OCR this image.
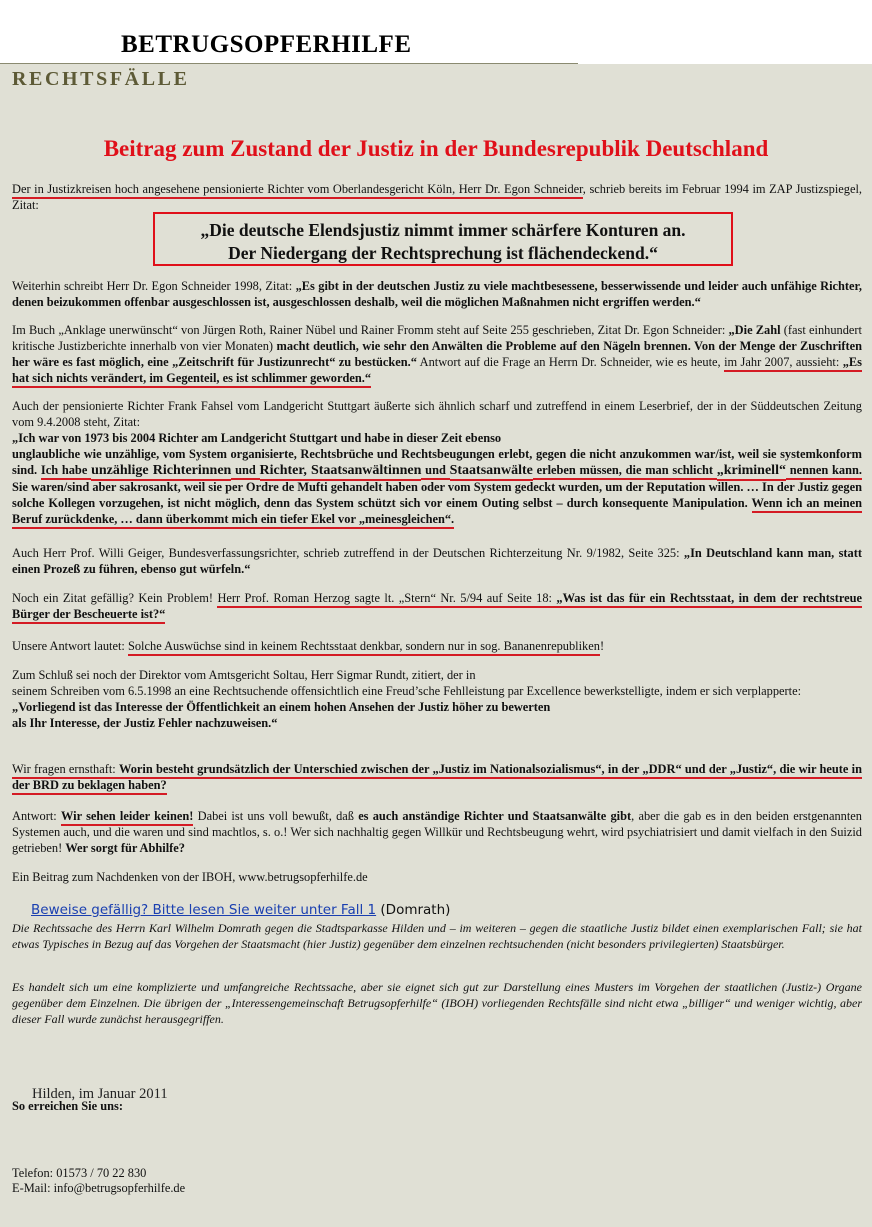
BETRUGSOPFERHILFE
RECHTSFÄLLE
Beitrag zum Zustand der Justiz in der Bundesrepublik Deutschland
Der in Justizkreisen hoch angesehene pensionierte Richter vom Oberlandesgericht Köln, Herr Dr. Egon Schneider, schrieb bereits im Februar 1994 im ZAP Justizspiegel, Zitat:
„Die deutsche Elendsjustiz nimmt immer schärfere Konturen an.
Der Niedergang der Rechtsprechung ist flächendeckend.“
Weiterhin schreibt Herr Dr. Egon Schneider 1998, Zitat: „Es gibt in der deutschen Justiz zu viele machtbesessene, besserwissende und leider auch unfähige Richter, denen beizukommen offenbar ausgeschlossen ist, ausgeschlossen deshalb, weil die möglichen Maßnahmen nicht ergriffen werden.“
Im Buch „Anklage unerwünscht“ von Jürgen Roth, Rainer Nübel und Rainer Fromm steht auf Seite 255 geschrieben, Zitat Dr. Egon Schneider: „Die Zahl (fast einhundert kritische Justizberichte innerhalb von vier Monaten) macht deutlich, wie sehr den Anwälten die Probleme auf den Nägeln brennen. Von der Menge der Zuschriften her wäre es fast möglich, eine „Zeitschrift für Justizunrecht“ zu bestücken.“ Antwort auf die Frage an Herrn Dr. Schneider, wie es heute, im Jahr 2007, aussieht: „Es hat sich nichts verändert, im Gegenteil, es ist schlimmer geworden.“
Auch der pensionierte Richter Frank Fahsel vom Landgericht Stuttgart äußerte sich ähnlich scharf und zutreffend in einem Leserbrief, der in der Süddeutschen Zeitung vom 9.4.2008 steht, Zitat:
„Ich war von 1973 bis 2004 Richter am Landgericht Stuttgart und habe in dieser Zeit ebenso
unglaubliche wie unzählige, vom System organisierte, Rechtsbrüche und Rechtsbeugungen erlebt, gegen die nicht anzukommen war/ist, weil sie systemkonform sind. Ich habe unzählige Richterinnen und Richter, Staatsanwältinnen und Staatsanwälte erleben müssen, die man schlicht „kriminell“ nennen kann. Sie waren/sind aber sakrosankt, weil sie per Ordre de Mufti gehandelt haben oder vom System gedeckt wurden, um der Reputation willen. … In der Justiz gegen solche Kollegen vorzugehen, ist nicht möglich, denn das System schützt sich vor einem Outing selbst – durch konsequente Manipulation. Wenn ich an meinen Beruf zurückdenke, … dann überkommt mich ein tiefer Ekel vor „meinesgleichen“.
Auch Herr Prof. Willi Geiger, Bundesverfassungsrichter, schrieb zutreffend in der Deutschen Richterzeitung Nr. 9/1982, Seite 325: „In Deutschland kann man, statt einen Prozeß zu führen, ebenso gut würfeln.“
Noch ein Zitat gefällig? Kein Problem! Herr Prof. Roman Herzog sagte lt. „Stern“ Nr. 5/94 auf Seite 18: „Was ist das für ein Rechtsstaat, in dem der rechtstreue Bürger der Bescheuerte ist?“
Unsere Antwort lautet: Solche Auswüchse sind in keinem Rechtsstaat denkbar, sondern nur in sog. Bananenrepubliken!
Zum Schluß sei noch der Direktor vom Amtsgericht Soltau, Herr Sigmar Rundt, zitiert, der in
seinem Schreiben vom 6.5.1998 an eine Rechtsuchende offensichtlich eine Freud’sche Fehlleistung par Excellence bewerkstelligte, indem er sich verplapperte:
„Vorliegend ist das Interesse der Öffentlichkeit an einem hohen Ansehen der Justiz höher zu bewerten
als Ihr Interesse, der Justiz Fehler nachzuweisen.“
Wir fragen ernsthaft: Worin besteht grundsätzlich der Unterschied zwischen der „Justiz im Nationalsozialismus“, in der „DDR“ und der „Justiz“, die wir heute in der BRD zu beklagen haben?
Antwort: Wir sehen leider keinen! Dabei ist uns voll bewußt, daß es auch anständige Richter und Staatsanwälte gibt, aber die gab es in den beiden erstgenannten Systemen auch, und die waren und sind machtlos, s. o.! Wer sich nachhaltig gegen Willkür und Rechtsbeugung wehrt, wird psychiatrisiert und damit vielfach in den Suizid getrieben! Wer sorgt für Abhilfe?
Ein Beitrag zum Nachdenken von der IBOH, www.betrugsopferhilfe.de
Beweise gefällig? Bitte lesen Sie weiter unter Fall 1 (Domrath)
Die Rechtssache des Herrn Karl Wilhelm Domrath gegen die Stadtsparkasse Hilden und – im weiteren – gegen die staatliche Justiz bildet einen exemplarischen Fall; sie hat etwas Typisches in Bezug auf das Vorgehen der Staatsmacht (hier Justiz) gegenüber dem einzelnen rechtsuchenden (nicht besonders privilegierten) Staatsbürger.
Es handelt sich um eine komplizierte und umfangreiche Rechtssache, aber sie eignet sich gut zur Darstellung eines Musters im Vorgehen der staatlichen (Justiz-) Organe gegenüber dem Einzelnen. Die übrigen der „Interessengemeinschaft Betrugsopferhilfe“ (IBOH) vorliegenden Rechtsfälle sind nicht etwa „billiger“ und weniger wichtig, aber dieser Fall wurde zunächst herausgegriffen.
Hilden, im Januar 2011
So erreichen Sie uns:
Telefon: 01573 / 70 22 830
E-Mail: info@betrugsopferhilfe.de
